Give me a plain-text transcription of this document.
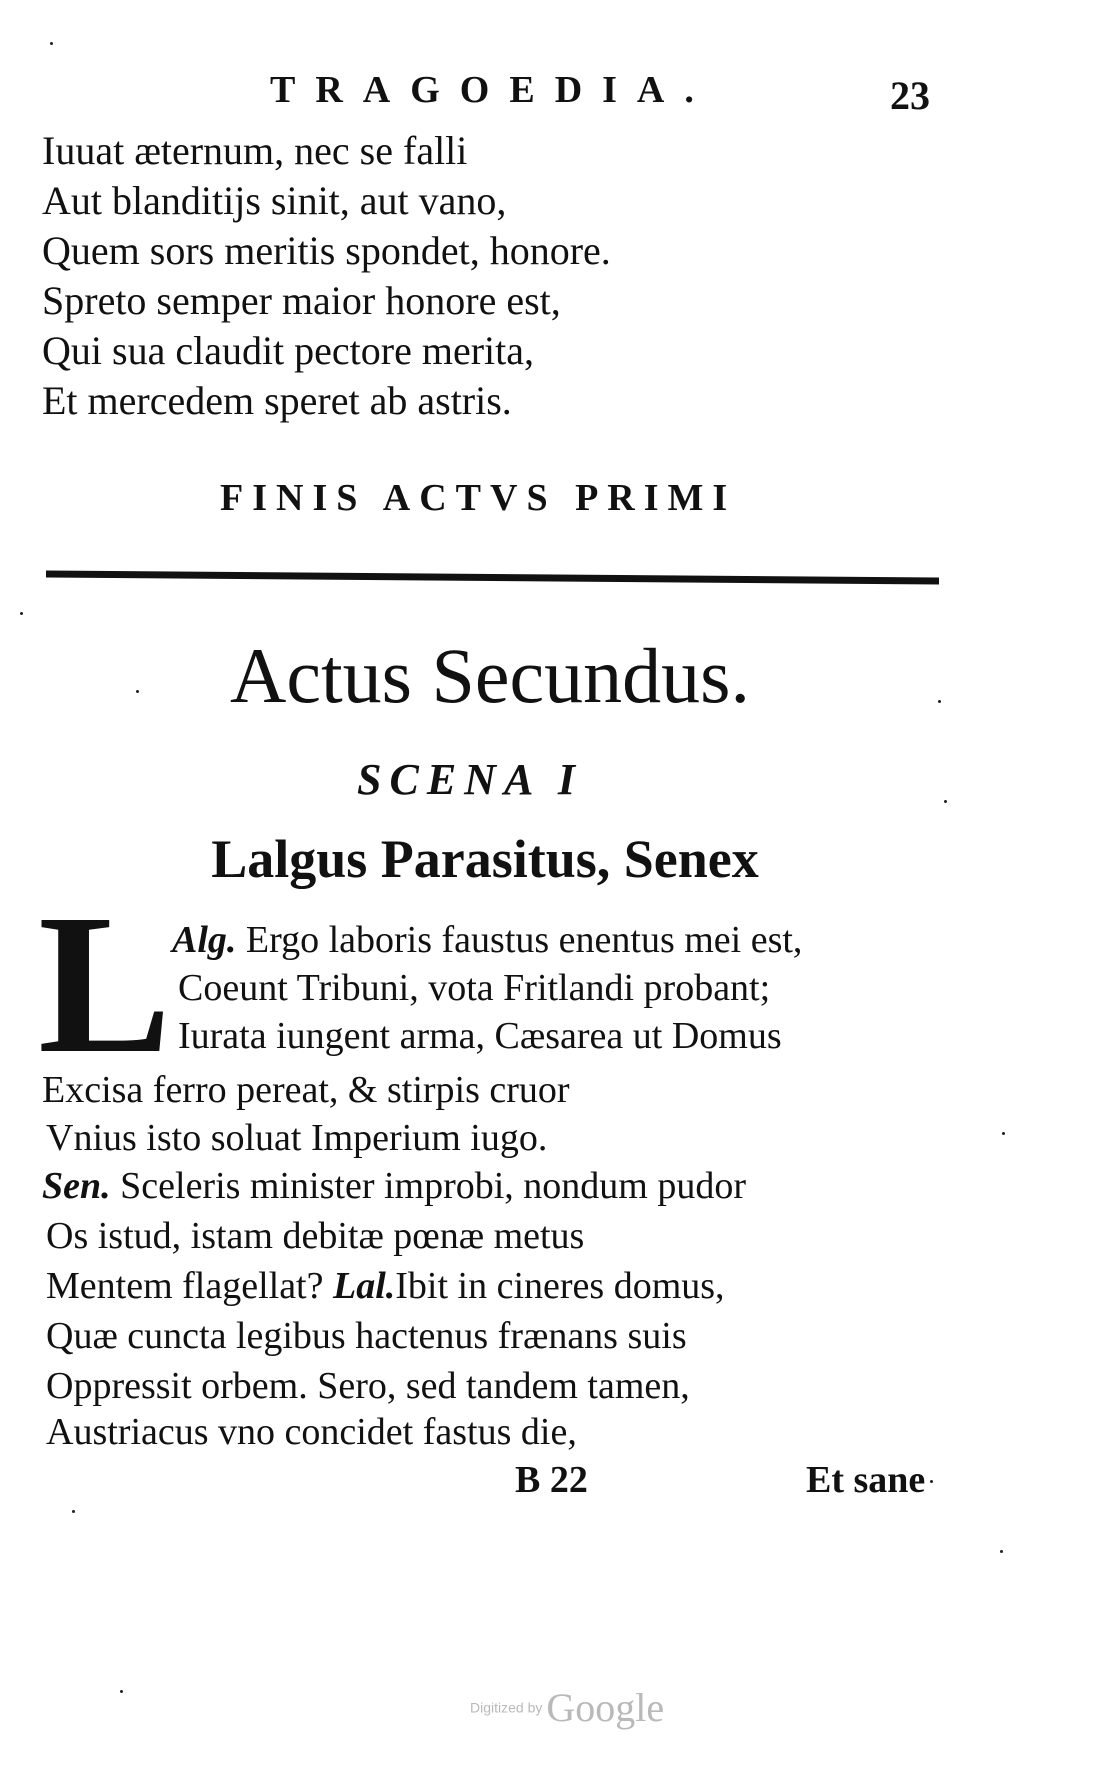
TRAGOEDIA.	23
Iuuat æternum, nec se falli
Aut blanditijs sinit, aut vano,
Quem sors meritis spondet, honore.
Spreto semper maior honore est,
Qui sua claudit pectore merita,
Et mercedem speret ab astris.
FINIS ACTVS PRIMI
Actus Secundus.
SCENA I
Lalgus Parasitus, Senex
L Alg. Ergo laboris faustus enentus mei est,
Coeunt Tribuni, vota Fritlandi probant;
Iurata iungent arma, Cæsarea ut Domus
Excisa ferro pereat, & stirpis cruor
Vnius isto soluat Imperium iugo.
Sen. Sceleris minister improbi, nondum pudor
Os istud, istam debitæ pœnæ metus
Mentem flagellat? Lal.Ibit in cineres domus,
Quæ cuncta legibus hactenus frænans suis
Oppressit orbem. Sero, sed tandem tamen,
Austriacus vno concidet fastus die,
B 22	Et sane
Digitized by Google
